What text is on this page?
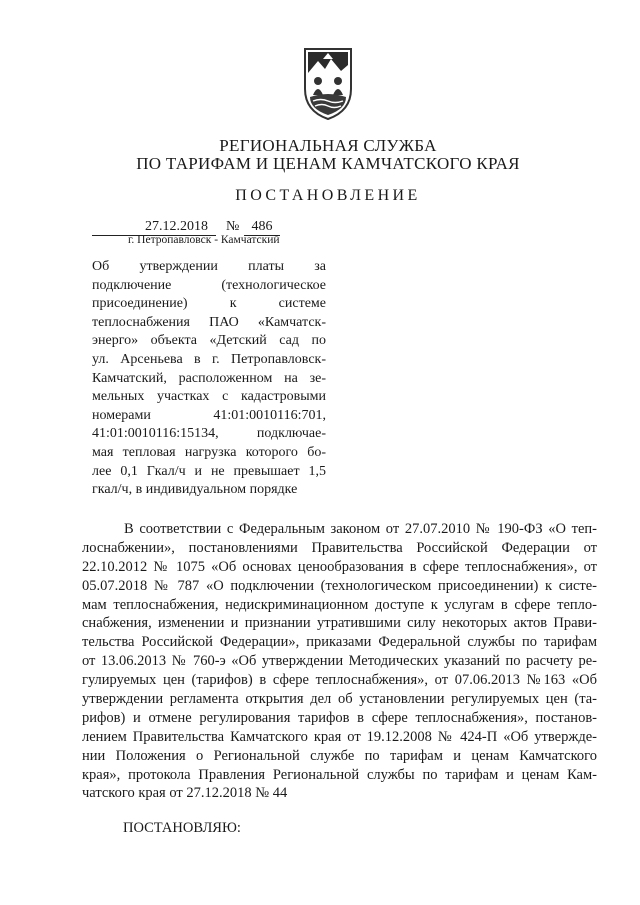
РЕГИОНАЛЬНАЯ СЛУЖБА
ПО ТАРИФАМ И ЦЕНАМ КАМЧАТСКОГО КРАЯ
ПОСТАНОВЛЕНИЕ
27.12.2018	№ 486
г. Петропавловск - Камчатский
Об утверждении платы за
подключение (технологическое
присоединение) к системе
теплоснабжения ПАО «Камчатск-
энерго» объекта «Детский сад по
ул. Арсеньева в г. Петропавловск-
Камчатский, расположенном на зе-
мельных участках с кадастровыми
номерами 41:01:0010116:701,
41:01:0010116:15134, подключае-
мая тепловая нагрузка которого бо-
лее 0,1 Гкал/ч и не превышает 1,5
гкал/ч, в индивидуальном порядке
В соответствии с Федеральным законом от 27.07.2010 № 190-ФЗ «О теп-
лоснабжении», постановлениями Правительства Российской Федерации от
22.10.2012 № 1075 «Об основах ценообразования в сфере теплоснабжения», от
05.07.2018 № 787 «О подключении (технологическом присоединении) к систе-
мам теплоснабжения, недискриминационном доступе к услугам в сфере тепло-
снабжения, изменении и признании утратившими силу некоторых актов Прави-
тельства Российской Федерации», приказами Федеральной службы по тарифам
от 13.06.2013 № 760-э «Об утверждении Методических указаний по расчету ре-
гулируемых цен (тарифов) в сфере теплоснабжения», от 07.06.2013 №163 «Об
утверждении регламента открытия дел об установлении регулируемых цен (та-
рифов) и отмене регулирования тарифов в сфере теплоснабжения», постанов-
лением Правительства Камчатского края от 19.12.2008 № 424-П «Об утвержде-
нии Положения о Региональной службе по тарифам и ценам Камчатского
края», протокола Правления Региональной службы по тарифам и ценам Кам-
чатского края от 27.12.2018 № 44
ПОСТАНОВЛЯЮ:
